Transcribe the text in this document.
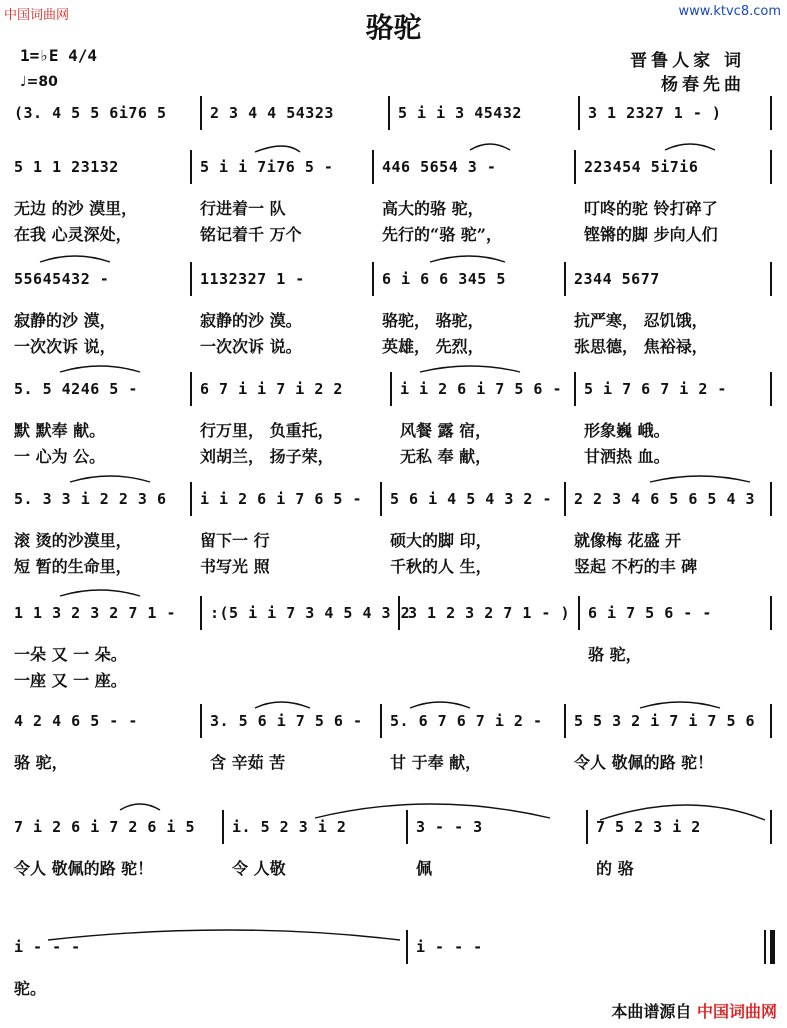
中国词曲网	www.ktvc8.com
骆驼
1=♭E 4/4
♩=80
晋鲁人家 词
杨春先曲
(3. 4 5 5 6i76 5	2 3 4 4 54323	5 i i 3 45432	3 1 2327 1 - )
5 1 1 23132
无边 的沙 漠里，
在我 心灵深处，
5 i i 7i76 5 -
行进着一 队
铭记着千 万个
446 5654 3 -
高大的骆 驼，
先行的“骆 驼”，
223454 5i7i6
叮咚的驼 铃打碎了
铿锵的脚 步向人们
55645432 -
寂静的沙 漠，
一次次诉 说，
1132327 1 -
寂静的沙 漠。
一次次诉 说。
6 i 6 6 345 5
骆驼， 骆驼，
英雄， 先烈，
2344 5677
抗严寒， 忍饥饿，
张思德， 焦裕禄，
5. 5 4246 5 -
默 默奉 献。
一 心为 公。
6 7 i i 7 i 2 2
行万里， 负重托，
刘胡兰， 扬子荣，
i i 2 6 i 7 5 6 -
风餐 露 宿，
无私 奉 献，
5 i 7 6 7 i 2 -
形象巍 峨。
甘洒热 血。
5. 3 3 i 2 2 3 6
滚 烫的沙漠里，
短 暂的生命里，
i i 2 6 i 7 6 5 -
留下一 行
书写光 照
5 6 i 4 5 4 3 2 -
硕大的脚 印，
千秋的人 生，
2 2 3 4 6 5 6 5 4 3
就像梅 花盛 开
竖起 不朽的丰 碑
1 1 3 2 3 2 7 1 -
一朵 又 一 朵。
一座 又 一 座。
:(5 i i 7 3 4 5 4 3 2
3 1 2 3 2 7 1 - ) 6 i 7 5 6 - -
骆 驼，
4 2 4 6 5 - -
骆 驼，
3. 5 6 i 7 5 6 -
含 辛茹 苦
5. 6 7 6 7 i 2 -
甘 于奉 献，
5 5 3 2 i 7 i 7 5 6
令人 敬佩的路 驼！
7 i 2 6 i 7 2 6 i 5
令人 敬佩的路 驼！
i. 5 2 3 i 2
令 人敬
3 - - 3
佩
7 5 2 3 i 2
的 骆
i - - -
驼。
i - - -
本曲谱源自 中国词曲网
